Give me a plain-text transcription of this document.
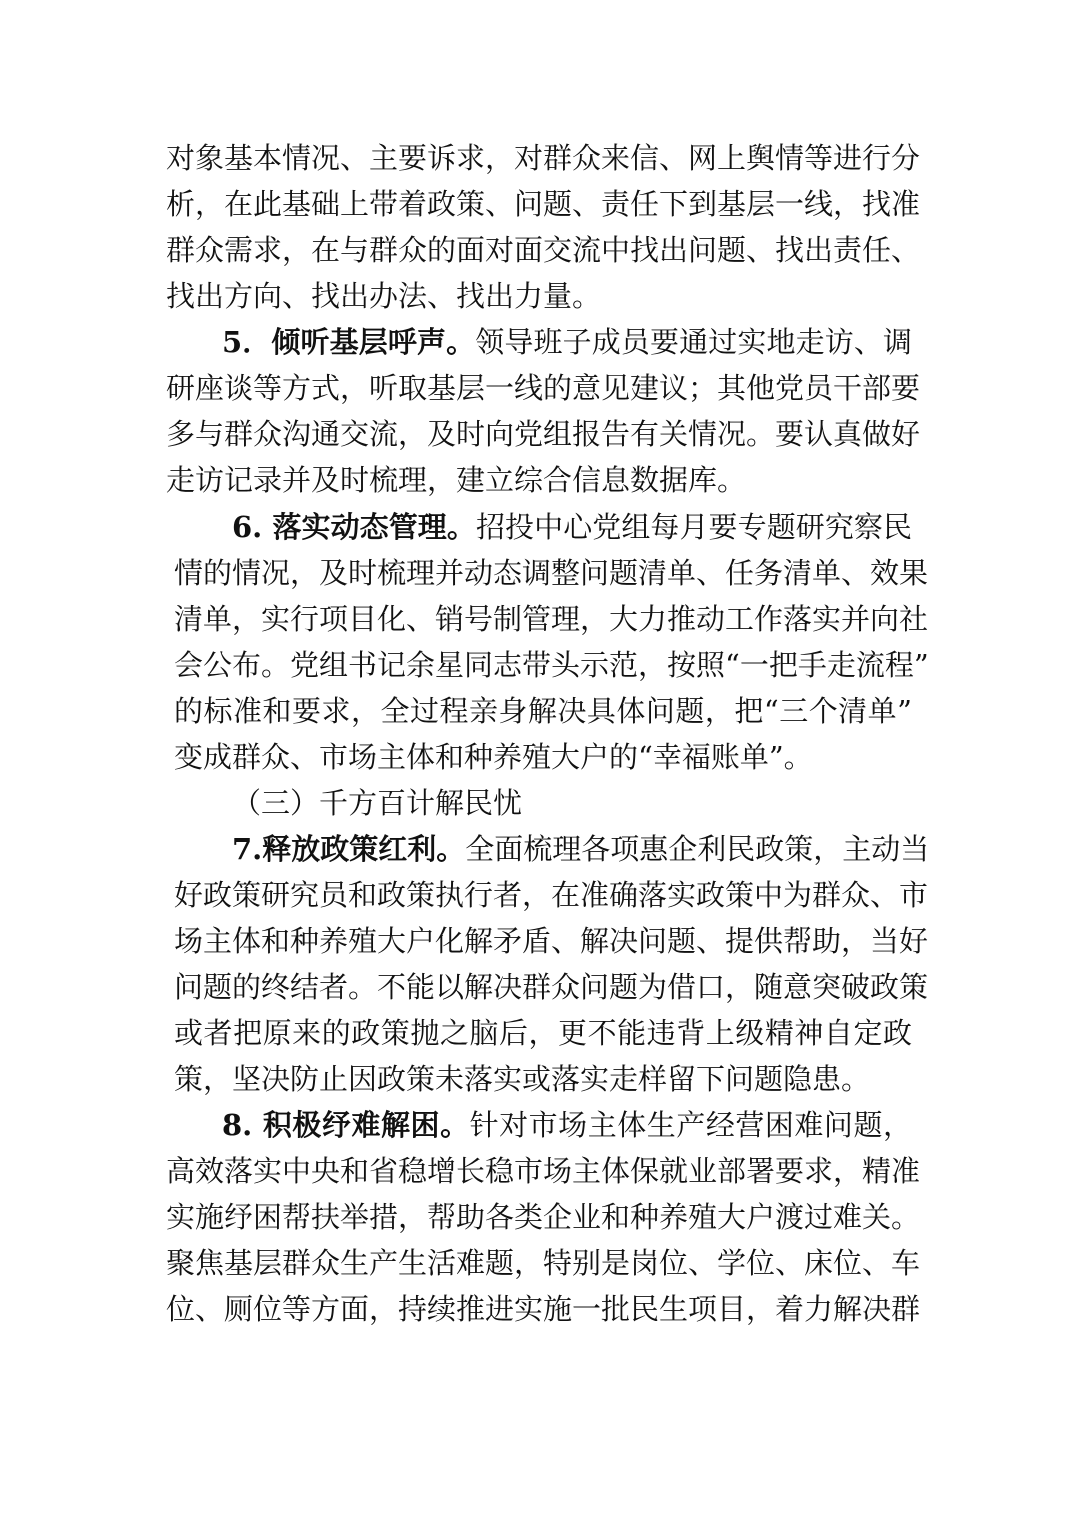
对象基本情况、主要诉求，对群众来信、网上舆情等进行分
析，在此基础上带着政策、问题、责任下到基层一线，找准
群众需求，在与群众的面对面交流中找出问题、找出责任、
找出方向、找出办法、找出力量。
5．倾听基层呼声。领导班子成员要通过实地走访、调
研座谈等方式，听取基层一线的意见建议；其他党员干部要
多与群众沟通交流，及时向党组报告有关情况。要认真做好
走访记录并及时梳理，建立综合信息数据库。
6. 落实动态管理。招投中心党组每月要专题研究察民
情的情况，及时梳理并动态调整问题清单、任务清单、效果
清单，实行项目化、销号制管理，大力推动工作落实并向社
会公布。党组书记余星同志带头示范，按照“一把手走流程”
的标准和要求，全过程亲身解决具体问题，把“三个清单”
变成群众、市场主体和种养殖大户的“幸福账单”。
（三）千方百计解民忧
7.释放政策红利。全面梳理各项惠企利民政策，主动当
好政策研究员和政策执行者，在准确落实政策中为群众、市
场主体和种养殖大户化解矛盾、解决问题、提供帮助，当好
问题的终结者。不能以解决群众问题为借口，随意突破政策
或者把原来的政策抛之脑后，更不能违背上级精神自定政
策，坚决防止因政策未落实或落实走样留下问题隐患。
8. 积极纾难解困。针对市场主体生产经营困难问题，
高效落实中央和省稳增长稳市场主体保就业部署要求，精准
实施纾困帮扶举措，帮助各类企业和种养殖大户渡过难关。
聚焦基层群众生产生活难题，特别是岗位、学位、床位、车
位、厕位等方面，持续推进实施一批民生项目，着力解决群
